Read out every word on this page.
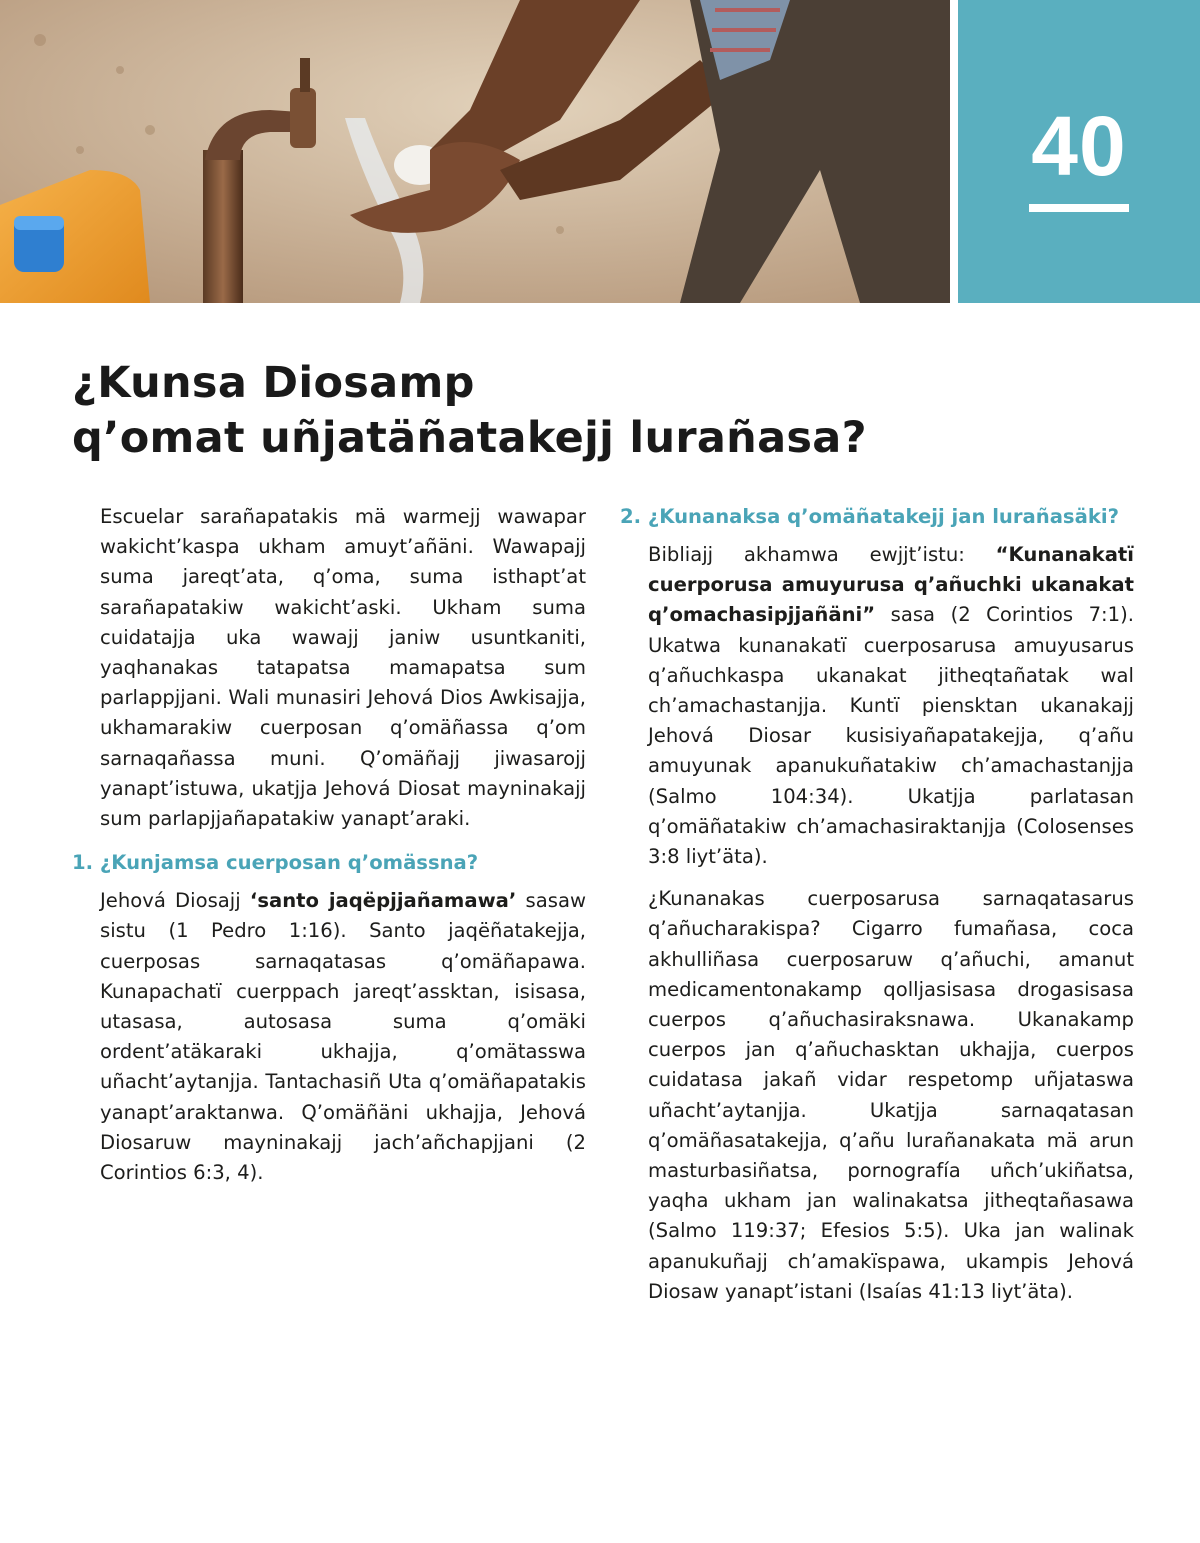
40
¿Kunsa Diosamp
q’omat uñjatäñatakejj lurañasa?

Escuelar sarañapatakis mä warmejj wawapar wakicht’kaspa ukham amuyt’añäni. Wawapajj suma jareqt’ata, q’oma, suma isthapt’at sarañapatakiw wakicht’aski. Ukham suma cuidatajja uka wawajj janiw usuntkaniti, yaqhanakas tatapatsa mamapatsa sum parlappjjani. Wali munasiri Jehová Dios Awkisajja, ukhamarakiw cuerposan q’omäñassa q’om sarnaqañassa muni. Q’omäñajj jiwasarojj yanapt’istuwa, ukatjja Jehová Diosat mayninakajj sum parlapjjañapatakiw yanapt’araki.

1. ¿Kunjamsa cuerposan q’omässna?

Jehová Diosajj ‘santo jaqëpjjañamawa’ sasaw sistu (1 Pedro 1:16). Santo jaqëñatakejja, cuerposas sarnaqatasas q’omäñapawa. Kunapachatï cuerppach jareqt’assktan, isisasa, utasasa, autosasa suma q’omäki ordent’atäkaraki ukhajja, q’omätasswa uñacht’aytanjja. Tantachasiñ Uta q’omäñapatakis yanapt’araktanwa. Q’omäñäni ukhajja, Jehová Diosaruw mayninakajj jach’añchapjjani (2 Corintios 6:3, 4).

2. ¿Kunanaksa q’omäñatakejj jan lurañasäki?

Bibliajj akhamwa ewjjt’istu: “Kunanakatï cuerporusa amuyurusa q’añuchki ukanakat q’omachasipjjañäni” sasa (2 Corintios 7:1). Ukatwa kunanakatï cuerposarusa amuyusarus q’añuchkaspa ukanakat jitheqtañatak wal ch’amachastanjja. Kuntï piensktan ukanakajj Jehová Diosar kusisiyañapatakejja, q’añu amuyunak apanukuñatakiw ch’amachastanjja (Salmo 104:34). Ukatjja parlatasan q’omäñatakiw ch’amachasiraktanjja (Colosenses 3:8 liyt’äta).

¿Kunanakas cuerposarusa sarnaqatasarus q’añucharakispa? Cigarro fumañasa, coca akhulliñasa cuerposaruw q’añuchi, amanut medicamentonakamp qolljasisasa drogasisasa cuerpos q’añuchasiraksnawa. Ukanakamp cuerpos jan q’añuchasktan ukhajja, cuerpos cuidatasa jakañ vidar respetomp uñjataswa uñacht’aytanjja. Ukatjja sarnaqatasan q’omäñasatakejja, q’añu lurañanakata mä arun masturbasiñatsa, pornografía uñch’ukiñatsa, yaqha ukham jan walinakatsa jitheqtañasawa (Salmo 119:37; Efesios 5:5). Uka jan walinak apanukuñajj ch’amakïspawa, ukampis Jehová Diosaw yanapt’istani (Isaías 41:13 liyt’äta).
